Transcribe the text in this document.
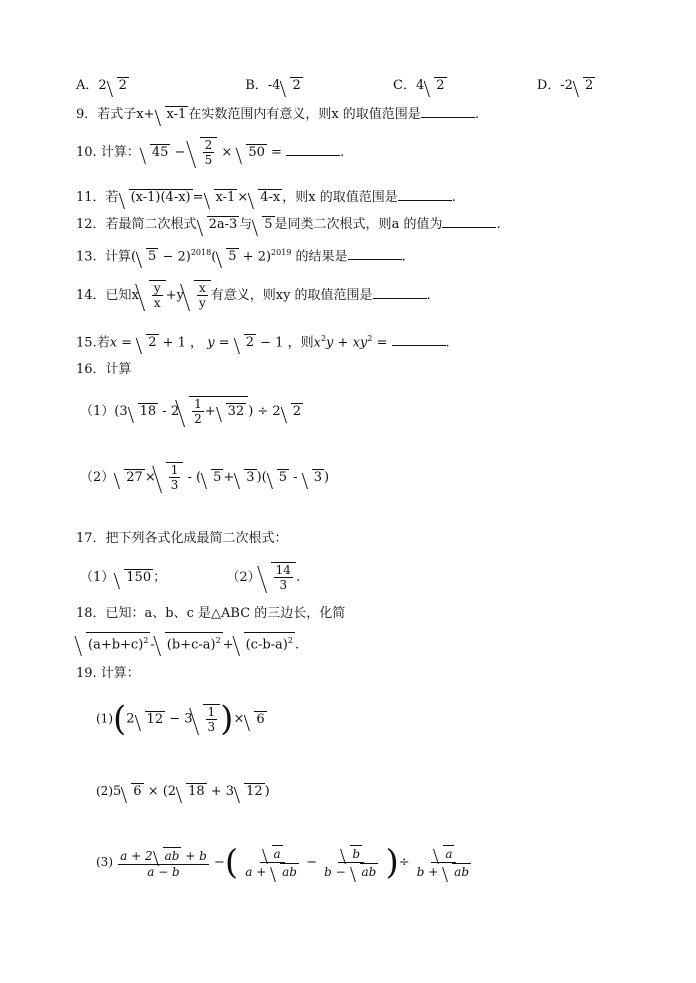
A．2 2	B．-4 2	C．4 2	D．-2 2
9．若式子x+ x-1 在实数范围内有意义，则x 的取值范围是	.
10. 计算： $45 - \frac{2}{5} \times 50$ =	.
11．若 (x-1)(4-x) = x-1 × 4-x ，则x 的取值范围是	.
12．若最简二次根式 2a-3 与 5 是同类二次根式，则a 的值为	.
13. 计算( 5 − 2)$^{2018}$( 5 + 2)$^{2019}$ 的结果是	.
14．已知x $\frac{y}{x} +y \frac{x}{y}$ 有意义，则xy 的取值范围是	.
15.若x = 2 + 1 ， y = 2 − 1 ，则$x^2y + xy^2$ =	.
16．计算
（1）(3 $18 - 2 \frac{1}{2} + 32$ ) ÷ 2 2
（2） $27 \times \frac{1}{3}$ - ( 5 + 3 )( 5 - 3 )
17．把下列各式化成最简二次根式：
（1） 150 ；	$(2) \frac{14}{3}$ .
18．已知：a、b、c 是△ABC 的三边长，化简
$(a+b+c)^2 - (b+c-a)^2 + (c-b-a)^2$ .
19. 计算：
(1)(2 $12 - 3 \frac{1}{3}$ )× 6
(2)5 6 × (2 18 + 3 12 )
$(3) \frac{a + 2 ab + b}{a - b}$ −( $\frac{a}{a + ab} - \frac{b}{b - ab}$ )÷ $\frac{a}{b + ab}$
